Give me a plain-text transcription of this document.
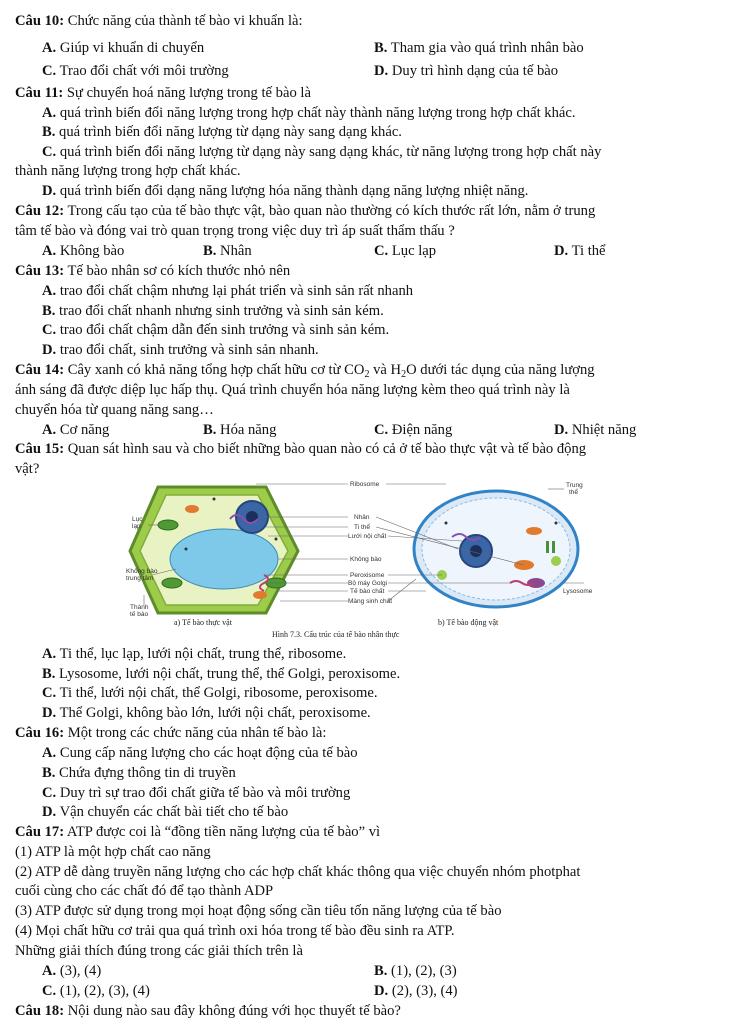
Câu 10: Chức năng của thành tế bào vi khuẩn là:
A. Giúp vi khuẩn di chuyển	B. Tham gia vào quá trình nhân bào
C. Trao đổi chất với môi trường	D. Duy trì hình dạng của tế bào
Câu 11: Sự chuyển hoá năng lượng trong tế bào là
A. quá trình biến đổi năng lượng trong hợp chất này thành năng lượng trong hợp chất khác.
B. quá trình biến đổi năng lượng từ dạng này sang dạng khác.
C. quá trình biến đổi năng lượng từ dạng này sang dạng khác, từ năng lượng trong hợp chất này
thành năng lượng trong hợp chất khác.
D. quá trình biến đổi dạng năng lượng hóa năng thành dạng năng lượng nhiệt năng.
Câu 12: Trong cấu tạo của tế bào thực vật, bào quan nào thường có kích thước rất lớn, nằm ở trung
tâm tế bào và đóng vai trò quan trọng trong việc duy trì áp suất thẩm thấu ?
A. Không bào	B. Nhân	C. Lục lạp	D. Ti thể
Câu 13: Tế bào nhân sơ có kích thước nhỏ nên
A. trao đổi chất chậm nhưng lại phát triển và sinh sản rất nhanh
B. trao đổi chất nhanh nhưng sinh trưởng và sinh sản kém.
C. trao đổi chất chậm dẫn đến sinh trưởng và sinh sản kém.
D. trao đổi chất, sinh trưởng và sinh sản nhanh.
Câu 14: Cây xanh có khả năng tổng hợp chất hữu cơ từ $CO_2$ và $H_2O$ dưới tác dụng của năng lượng
ánh sáng đã được diệp lục hấp thụ. Quá trình chuyển hóa năng lượng kèm theo quá trình này là
chuyển hóa từ quang năng sang…
A. Cơ năng	B. Hóa năng	C. Điện năng	D. Nhiệt năng
Câu 15: Quan sát hình sau và cho biết những bào quan nào có cả ở tế bào thực vật và tế bào động
vật?
Ribosome
Nhân
Ti thể
Lưới nội chất
Không bào
Peroxisome
Bộ máy Golgi
Tế bào chất
Màng sinh chất
Lục
lạp
Không bào
trung tâm
Thành
tế bào
Trung
thể
Lysosome
a) Tế bào thực vật	b) Tế bào động vật
Hình 7.3. Cấu trúc của tế bào nhân thực
A. Ti thể, lục lạp, lưới nội chất, trung thể, ribosome.
B. Lysosome, lưới nội chất, trung thể, thể Golgi, peroxisome.
C. Ti thể, lưới nội chất, thể Golgi, ribosome, peroxisome.
D. Thể Golgi, không bào lớn, lưới nội chất, peroxisome.
Câu 16: Một trong các chức năng của nhân tế bào là:
A. Cung cấp năng lượng cho các hoạt động của tế bào
B. Chứa đựng thông tin di truyền
C. Duy trì sự trao đổi chất giữa tế bào và môi trường
D. Vận chuyển các chất bài tiết cho tế bào
Câu 17: ATP được coi là “đồng tiền năng lượng của tế bào” vì
(1) ATP là một hợp chất cao năng
(2) ATP dễ dàng truyền năng lượng cho các hợp chất khác thông qua việc chuyển nhóm photphat
cuối cùng cho các chất đó để tạo thành ADP
(3) ATP được sử dụng trong mọi hoạt động sống cần tiêu tốn năng lượng của tế bào
(4) Mọi chất hữu cơ trải qua quá trình oxi hóa trong tế bào đều sinh ra ATP.
Những giải thích đúng trong các giải thích trên là
A. (3), (4)	B. (1), (2), (3)
C. (1), (2), (3), (4)	D. (2), (3), (4)
Câu 18: Nội dung nào sau đây không đúng với học thuyết tế bào?
